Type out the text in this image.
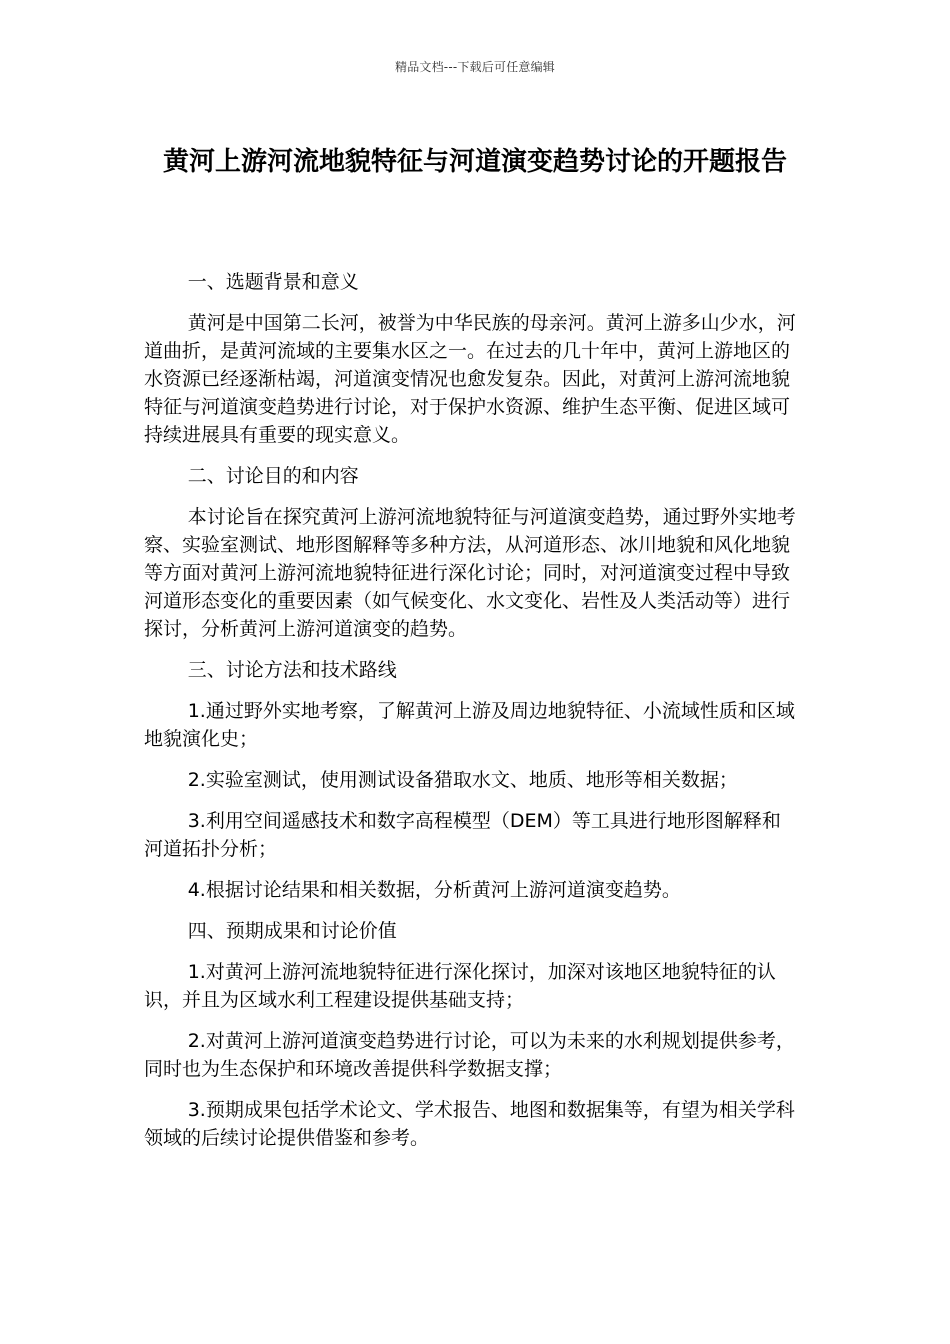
精品文档---下载后可任意编辑
黄河上游河流地貌特征与河道演变趋势讨论的开题报告

一、选题背景和意义

黄河是中国第二长河，被誉为中华民族的母亲河。黄河上游多山少水，河道曲折，是黄河流域的主要集水区之一。在过去的几十年中，黄河上游地区的水资源已经逐渐枯竭，河道演变情况也愈发复杂。因此，对黄河上游河流地貌特征与河道演变趋势进行讨论，对于保护水资源、维护生态平衡、促进区域可持续进展具有重要的现实意义。

二、讨论目的和内容

本讨论旨在探究黄河上游河流地貌特征与河道演变趋势，通过野外实地考察、实验室测试、地形图解释等多种方法，从河道形态、冰川地貌和风化地貌等方面对黄河上游河流地貌特征进行深化讨论；同时，对河道演变过程中导致河道形态变化的重要因素（如气候变化、水文变化、岩性及人类活动等）进行探讨，分析黄河上游河道演变的趋势。

三、讨论方法和技术路线

1.通过野外实地考察，了解黄河上游及周边地貌特征、小流域性质和区域地貌演化史；

2.实验室测试，使用测试设备猎取水文、地质、地形等相关数据；

3.利用空间遥感技术和数字高程模型（DEM）等工具进行地形图解释和河道拓扑分析；

4.根据讨论结果和相关数据，分析黄河上游河道演变趋势。

四、预期成果和讨论价值

1.对黄河上游河流地貌特征进行深化探讨，加深对该地区地貌特征的认识，并且为区域水利工程建设提供基础支持；

2.对黄河上游河道演变趋势进行讨论，可以为未来的水利规划提供参考，同时也为生态保护和环境改善提供科学数据支撑；

3.预期成果包括学术论文、学术报告、地图和数据集等，有望为相关学科领域的后续讨论提供借鉴和参考。
